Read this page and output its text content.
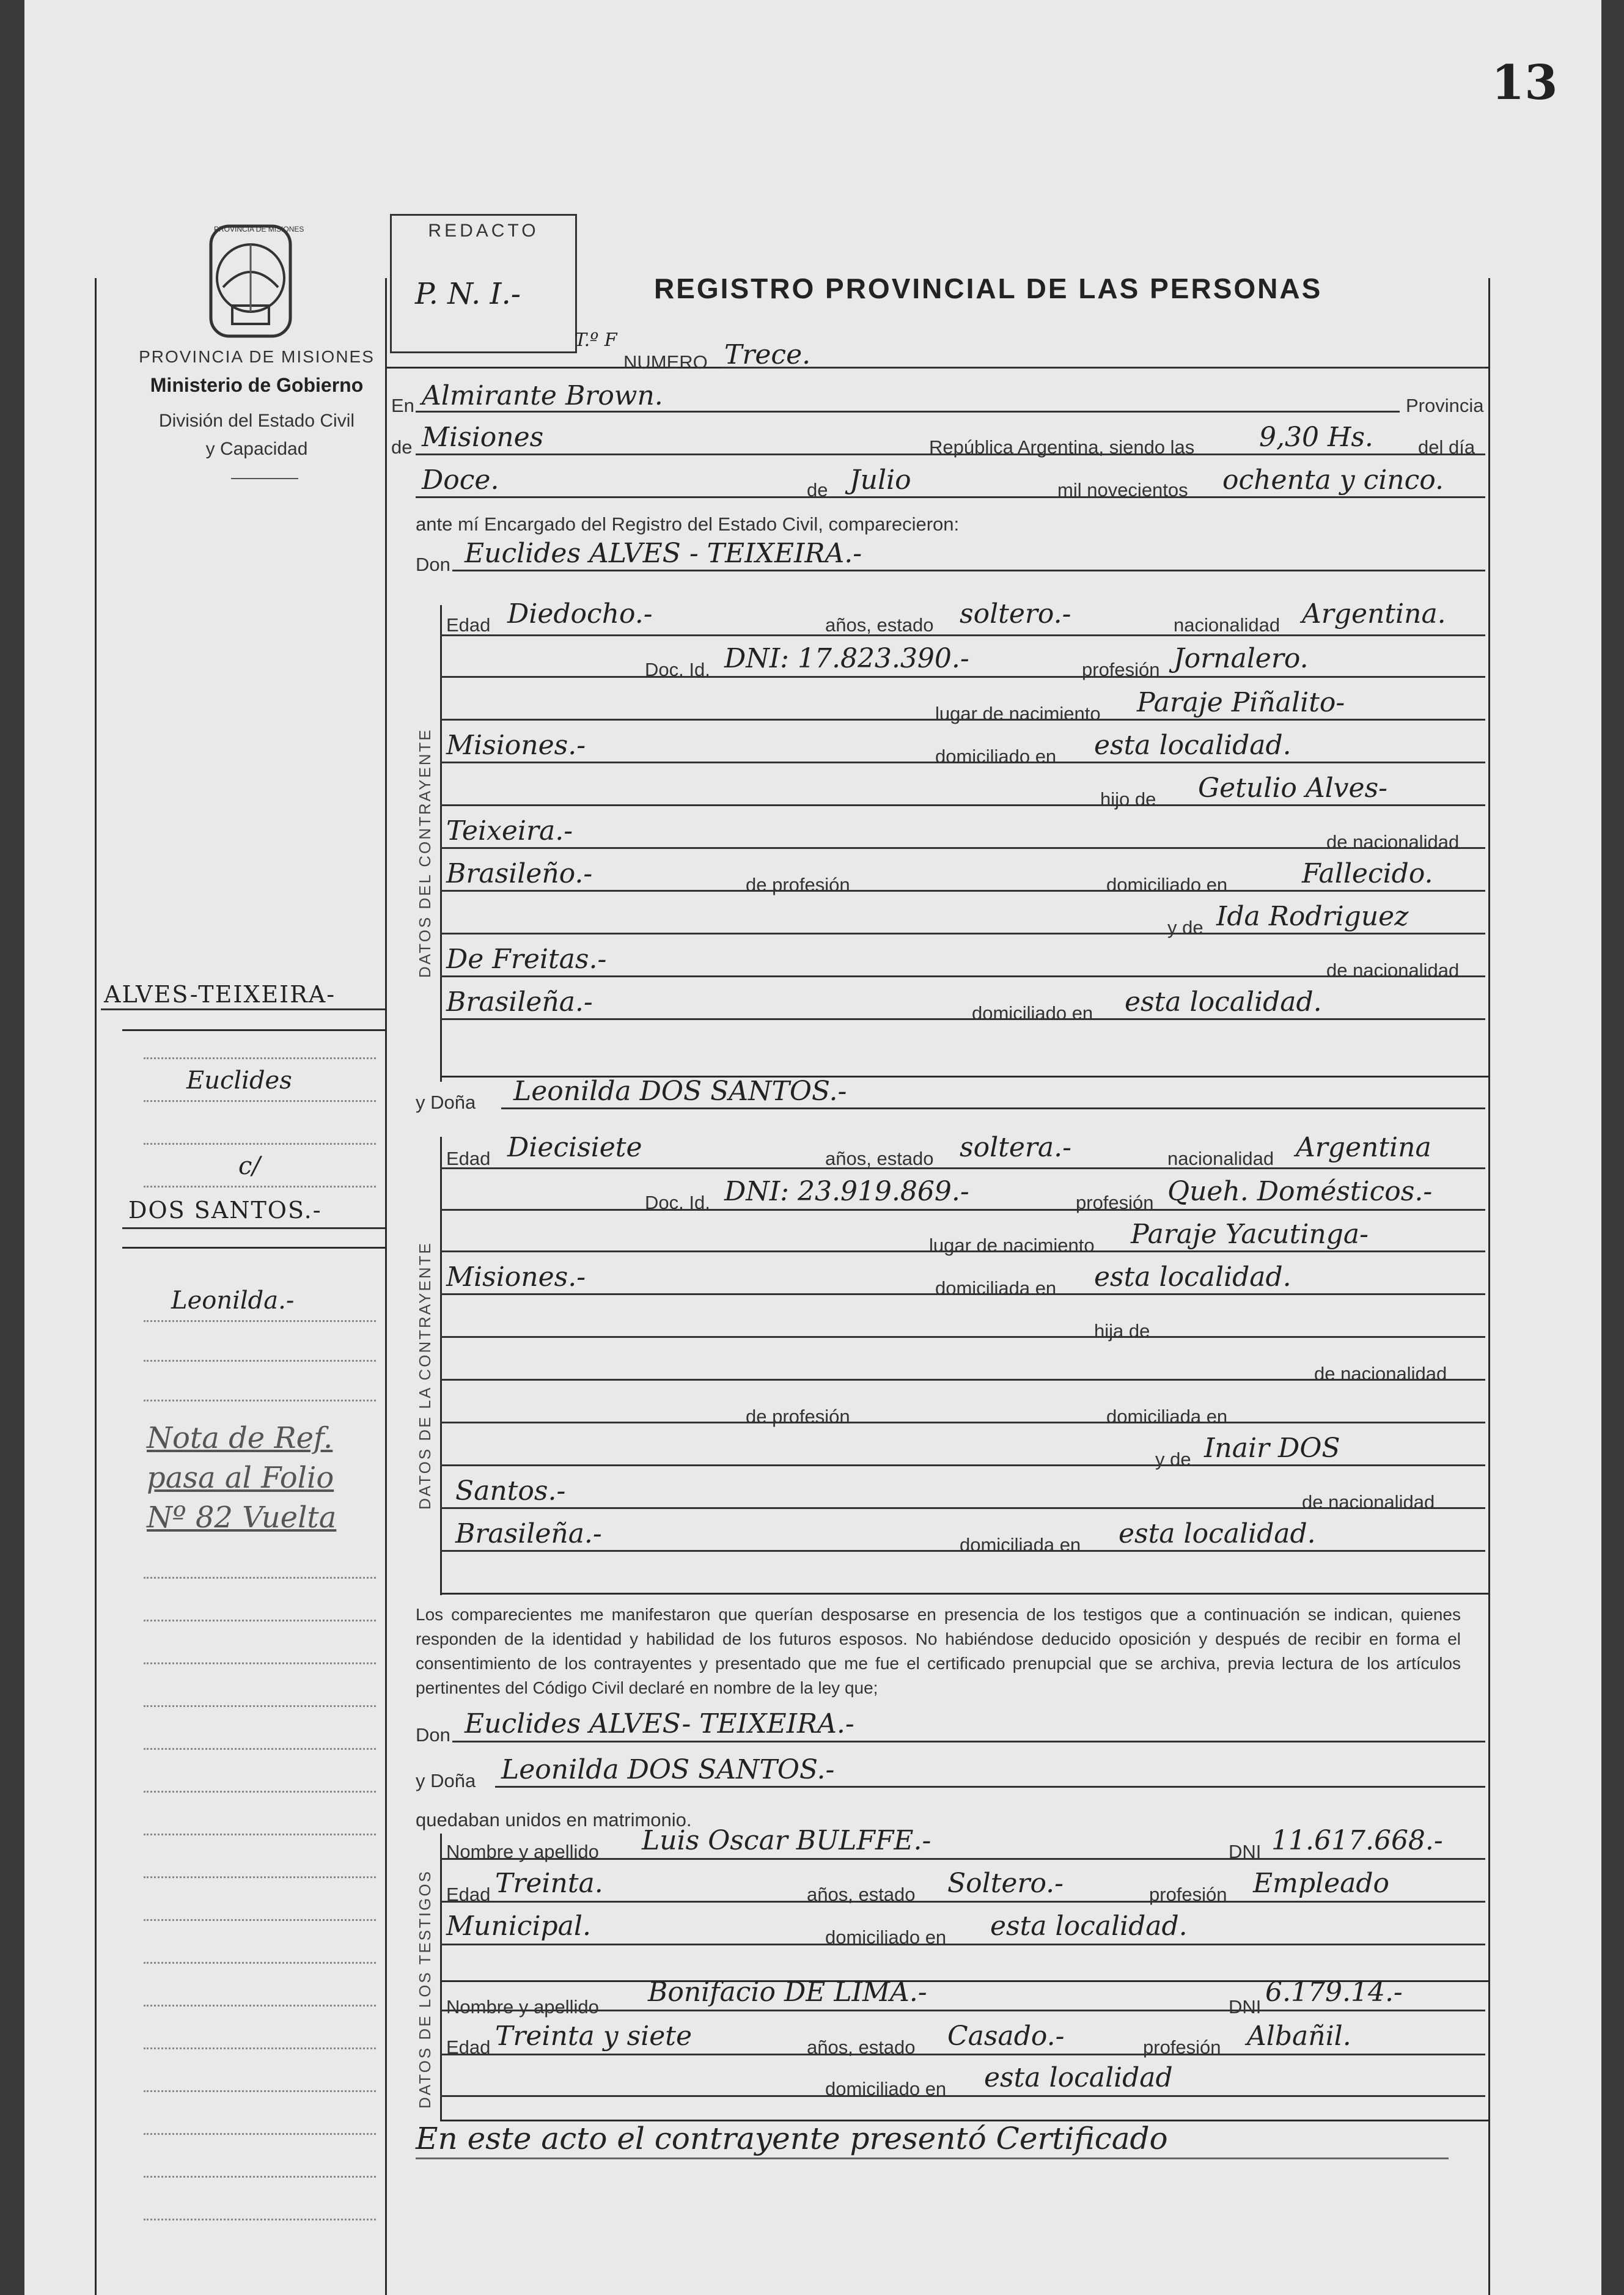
13
PROVINCIA DE MISIONES
PROVINCIA DE MISIONES
Ministerio de Gobierno
División del Estado Civil
y Capacidad
REDACTO
P. N. I.-	REGISTRO PROVINCIAL DE LAS PERSONAS
T.º F
NUMERO Trece.
En Almirante Brown.	Provincia
de Misiones	República Argentina, siendo las 9,30 Hs. del día
Doce.	de Julio	mil novecientos ochenta y cinco.
ante mí Encargado del Registro del Estado Civil, comparecieron:
Don Euclides ALVES - TEIXEIRA.-
DATOS DEL CONTRAYENTE
Edad Diedocho.-	años, estado soltero.-	nacionalidad Argentina.
Doc. Id. DNI: 17.823.390.-	profesión Jornalero.
lugar de nacimiento Paraje Piñalito-
Misiones.-	domiciliado en esta localidad.
hijo de Getulio Alves-
Teixeira.-	de nacionalidad
Brasileño.-	de profesión	domiciliado en	Fallecido.
y de Ida Rodriguez
De Freitas.-	de nacionalidad
Brasileña.-	domiciliado en esta localidad.
y Doña Leonilda DOS SANTOS.-
DATOS DE LA CONTRAYENTE
Edad Diecisiete	años, estado soltera.-	nacionalidad Argentina
Doc. Id. DNI: 23.919.869.-	profesión Queh. Domésticos.-
lugar de nacimiento Paraje Yacutinga-
Misiones.-	domiciliada en esta localidad.
hija de
de nacionalidad
de profesión	domiciliada en
y de Inair DOS
Santos.-	de nacionalidad
Brasileña.-	domiciliada en esta localidad.
ALVES-TEIXEIRA-
Euclides
c/
DOS SANTOS.-
Leonilda.-
Nota de Ref.
pasa al Folio
Nº 82 Vuelta
Los comparecientes me manifestaron que querían desposarse en presencia de los testigos que a continuación se indican, quienes responden de la identidad y habilidad de los futuros esposos. No habiéndose deducido oposición y después de recibir en forma el consentimiento de los contrayentes y presentado que me fue el certificado prenupcial que se archiva, previa lectura de los artículos pertinentes del Código Civil declaré en nombre de la ley que;
Don Euclides ALVES- TEIXEIRA.-
y Doña Leonilda DOS SANTOS.-
quedaban unidos en matrimonio.
DATOS DE LOS TESTIGOS
Nombre y apellido Luis Oscar BULFFE.-	DNI 11.617.668.-
Edad Treinta.	años, estado Soltero.-	profesión Empleado
Municipal.	domiciliado en esta localidad.
Nombre y apellido Bonifacio DE LIMA.-	DNI 6.179.14.-
Edad Treinta y siete	años, estado Casado.-	profesión Albañil.
domiciliado en esta localidad
En este acto el contrayente presentó Certificado
